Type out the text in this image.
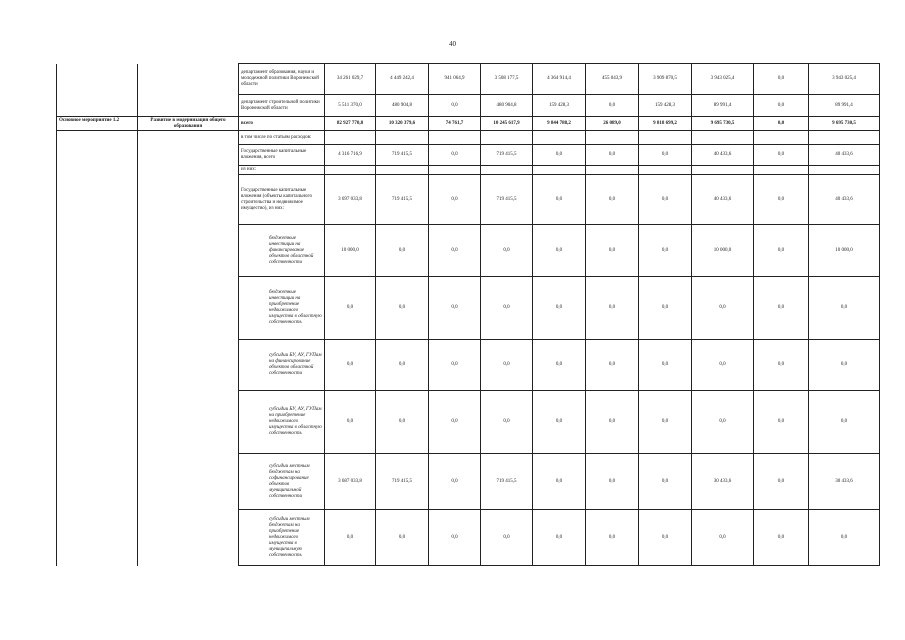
40
		департамент образования, науки и молодежной политики Воронежской области	34 261 029,7	4 449 242,4	941 064,9	3 508 177,5	4 364 914,4	455 043,9	3 909 870,5	3 943 025,4	0,0	3 943 025,4
		департамент строительной политики Воронежской области	5 511 370,0	480 904,8	0,0	480 904,8	159 428,3	0,0	159 428,3	89 991,4	0,0	89 991,4
Основное мероприятие 1.2	Развитие в модернизация общего образования	всего	82 927 770,8	10 320 379,6	74 761,7	10 245 617,9	9 844 788,2	26 089,0	9 818 699,2	9 695 730,5	0,0	9 695 730,5
		в том числе по статьям расходов:										
		Государственные капитальные вложения, всего	4 316 716,9	719 415,5	0,0	719 415,5	0,0	0,0	0,0	40 433,6	0,0	40 433,6
		из них:										
		Государственные капитальные вложения (объекты капитального строительства и недвижимое имущество), из них:	3 697 033,8	719 415,5	0,0	719 415,5	0,0	0,0	0,0	40 433,6	0,0	40 433,6
		бюджетные инвестиции на финансирование объектов областной собственности	10 000,0	0,0	0,0	0,0	0,0	0,0	0,0	10 000,0	0,0	10 000,0
		бюджетные инвестиции на приобретение недвижимого имущества в областную собственность	0,0	0,0	0,0	0,0	0,0	0,0	0,0	0,0	0,0	0,0
		субсидии БУ, АУ, ГУПам на финансирование объектов областной собственности	0,0	0,0	0,0	0,0	0,0	0,0	0,0	0,0	0,0	0,0
		субсидии БУ, АУ, ГУПам на приобретение недвижимого имущества в областную собственность	0,0	0,0	0,0	0,0	0,0	0,0	0,0	0,0	0,0	0,0
		субсидии местным бюджетам на софинансирование объектов муниципальной собственности	3 687 033,8	719 415,5	0,0	719 415,5	0,0	0,0	0,0	30 433,6	0,0	30 433,6
		субсидии местным бюджетам на приобретение недвижимого имущества в муниципальную собственность	0,0	0,0	0,0	0,0	0,0	0,0	0,0	0,0	0,0	0,0
